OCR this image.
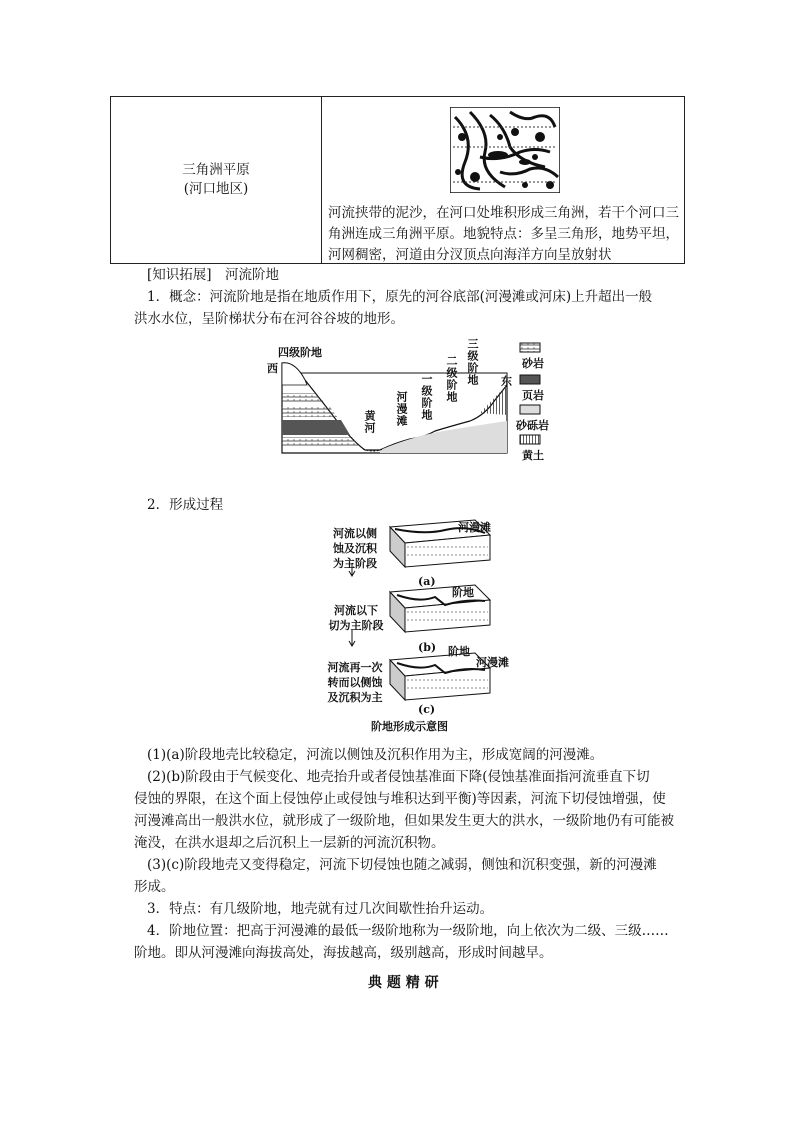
三角洲平原
(河口地区)

河流挟带的泥沙，在河口处堆积形成三角洲，若干个河口三角洲连成三角洲平原。地貌特点：多呈三角形，地势平坦，河网稠密，河道由分汊顶点向海洋方向呈放射状
[知识拓展]　河流阶地
1．概念：河流阶地是指在地质作用下，原先的河谷底部(河漫滩或河床)上升超出一般
洪水水位，呈阶梯状分布在河谷谷坡的地形。
四级阶地
西
东
三级阶地
二级阶地
一级阶地
河漫滩
黄河
砂岩
页岩
砂砾岩
黄土
2．形成过程
河流以侧
蚀及沉积
为主阶段
河流以下
切为主阶段
河流再一次
转而以侧蚀
及沉积为主
河漫滩
(a)
阶地
(b) 阶地
河漫滩
(c)
阶地形成示意图
(1)(a)阶段地壳比较稳定，河流以侧蚀及沉积作用为主，形成宽阔的河漫滩。
(2)(b)阶段由于气候变化、地壳抬升或者侵蚀基准面下降(侵蚀基准面指河流垂直下切
侵蚀的界限，在这个面上侵蚀停止或侵蚀与堆积达到平衡)等因素，河流下切侵蚀增强，使
河漫滩高出一般洪水位，就形成了一级阶地，但如果发生更大的洪水，一级阶地仍有可能被
淹没，在洪水退却之后沉积上一层新的河流沉积物。
(3)(c)阶段地壳又变得稳定，河流下切侵蚀也随之减弱，侧蚀和沉积变强，新的河漫滩
形成。
3．特点：有几级阶地，地壳就有过几次间歇性抬升运动。
4．阶地位置：把高于河漫滩的最低一级阶地称为一级阶地，向上依次为二级、三级……
阶地。即从河漫滩向海拔高处，海拔越高，级别越高，形成时间越早。
典 题 精 研
